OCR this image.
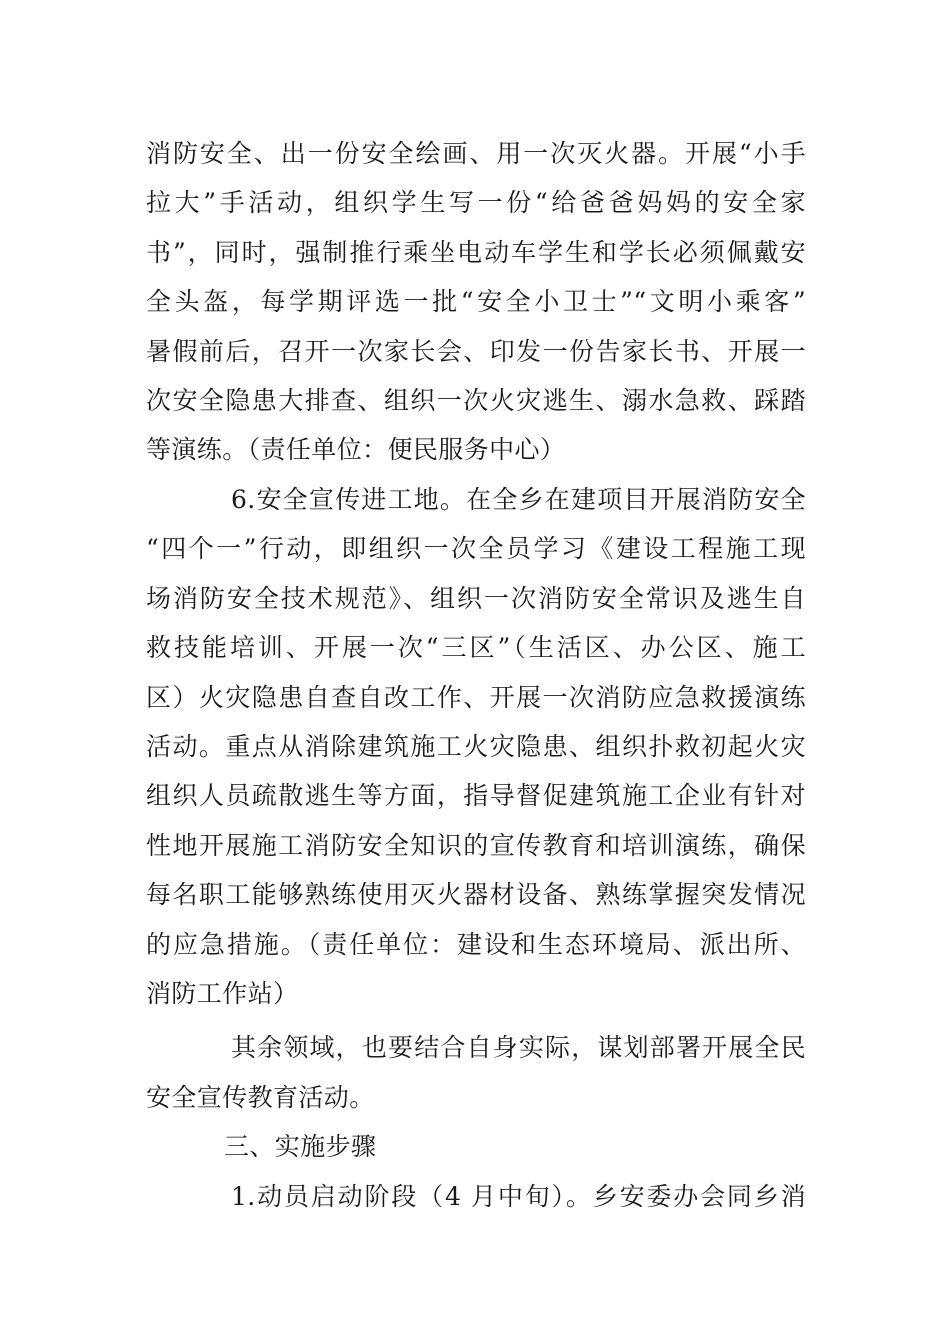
消防安全、出一份安全绘画、用一次灭火器。开展“小手
拉大”手活动，组织学生写一份“给爸爸妈妈的安全家
书”，同时，强制推行乘坐电动车学生和学长必须佩戴安
全头盔，每学期评选一批“安全小卫士”“文明小乘客”
暑假前后，召开一次家长会、印发一份告家长书、开展一
次安全隐患大排查、组织一次火灾逃生、溺水急救、踩踏
等演练。（责任单位：便民服务中心）
6.安全宣传进工地。在全乡在建项目开展消防安全
“四个一”行动，即组织一次全员学习《建设工程施工现
场消防安全技术规范》、组织一次消防安全常识及逃生自
救技能培训、开展一次“三区”（生活区、办公区、施工
区）火灾隐患自查自改工作、开展一次消防应急救援演练
活动。重点从消除建筑施工火灾隐患、组织扑救初起火灾
组织人员疏散逃生等方面，指导督促建筑施工企业有针对
性地开展施工消防安全知识的宣传教育和培训演练，确保
每名职工能够熟练使用灭火器材设备、熟练掌握突发情况
的应急措施。（责任单位：建设和生态环境局、派出所、
消防工作站）
其余领域，也要结合自身实际，谋划部署开展全民
安全宣传教育活动。
三、实施步骤
1.动员启动阶段（4 月中旬）。乡安委办会同乡消
